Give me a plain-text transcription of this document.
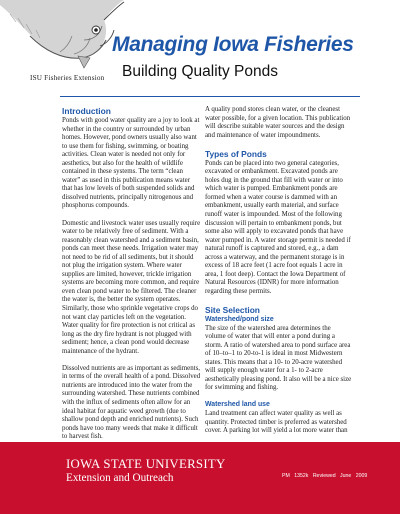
ISU Fisheries Extension
Managing Iowa Fisheries
Building Quality Ponds
Introduction

Ponds with good water quality are a joy to look at whether in the country or surrounded by urban homes. However, pond owners usually also want to use them for fishing, swimming, or boating activities. Clean water is needed not only for aesthetics, but also for the health of wildlife contained in these systems. The term “clean water” as used in this publication means water that has low levels of both suspended solids and dissolved nutrients, principally nitrogenous and phosphorus compounds.

Domestic and livestock water uses usually require water to be relatively free of sediment. With a reasonably clean watershed and a sediment basin, ponds can meet these needs. Irrigation water may not need to be rid of all sediments, but it should not plug the irrigation system. Where water supplies are limited, however, trickle irrigation systems are becoming more common, and require even clean pond water to be filtered. The cleaner the water is, the better the system operates. Similarly, those who sprinkle vegetative crops do not want clay particles left on the vegetation. Water quality for fire protection is not critical as long as the dry fire hydrant is not plugged with sediment; hence, a clean pond would decrease maintenance of the hydrant.

Dissolved nutrients are as important as sediments, in terms of the overall health of a pond. Dissolved nutrients are introduced into the water from the surrounding watershed. These nutrients combined with the influx of sediments often allow for an ideal habitat for aquatic weed growth (due to shallow pond depth and enriched nutrients). Such ponds have too many weeds that make it difficult to harvest fish.

A quality pond stores clean water, or the cleanest water possible, for a given location. This publication will describe suitable water sources and the design and maintenance of water impoundments.

Types of Ponds

Ponds can be placed into two general categories, excavated or embankment. Excavated ponds are holes dug in the ground that fill with water or into which water is pumped. Embankment ponds are formed when a water course is dammed with an embankment, usually earth material, and surface runoff water is impounded. Most of the following discussion will pertain to embankment ponds, but some also will apply to excavated ponds that have water pumped in. A water storage permit is needed if natural runoff is captured and stored, e.g., a dam across a waterway, and the permanent storage is in excess of 18 acre feet (1 acre foot equals 1 acre in area, 1 foot deep). Contact the Iowa Department of Natural Resources (IDNR) for more information regarding these permits.

Site Selection
Watershed/pond size

The size of the watershed area determines the volume of water that will enter a pond during a storm. A ratio of watershed area to pond surface area of 10–to–1 to 20-to-1 is ideal in most Midwestern states. This means that a 10- to 20-acre watershed will supply enough water for a 1- to 2-acre aesthetically pleasing pond. It also will be a nice size for swimming and fishing.

Watershed land use

Land treatment can affect water quality as well as quantity. Protected timber is preferred as watershed cover. A parking lot will yield a lot more water than

IOWA STATE UNIVERSITY
Extension and Outreach	PM 1352k Reviewed June 2009
